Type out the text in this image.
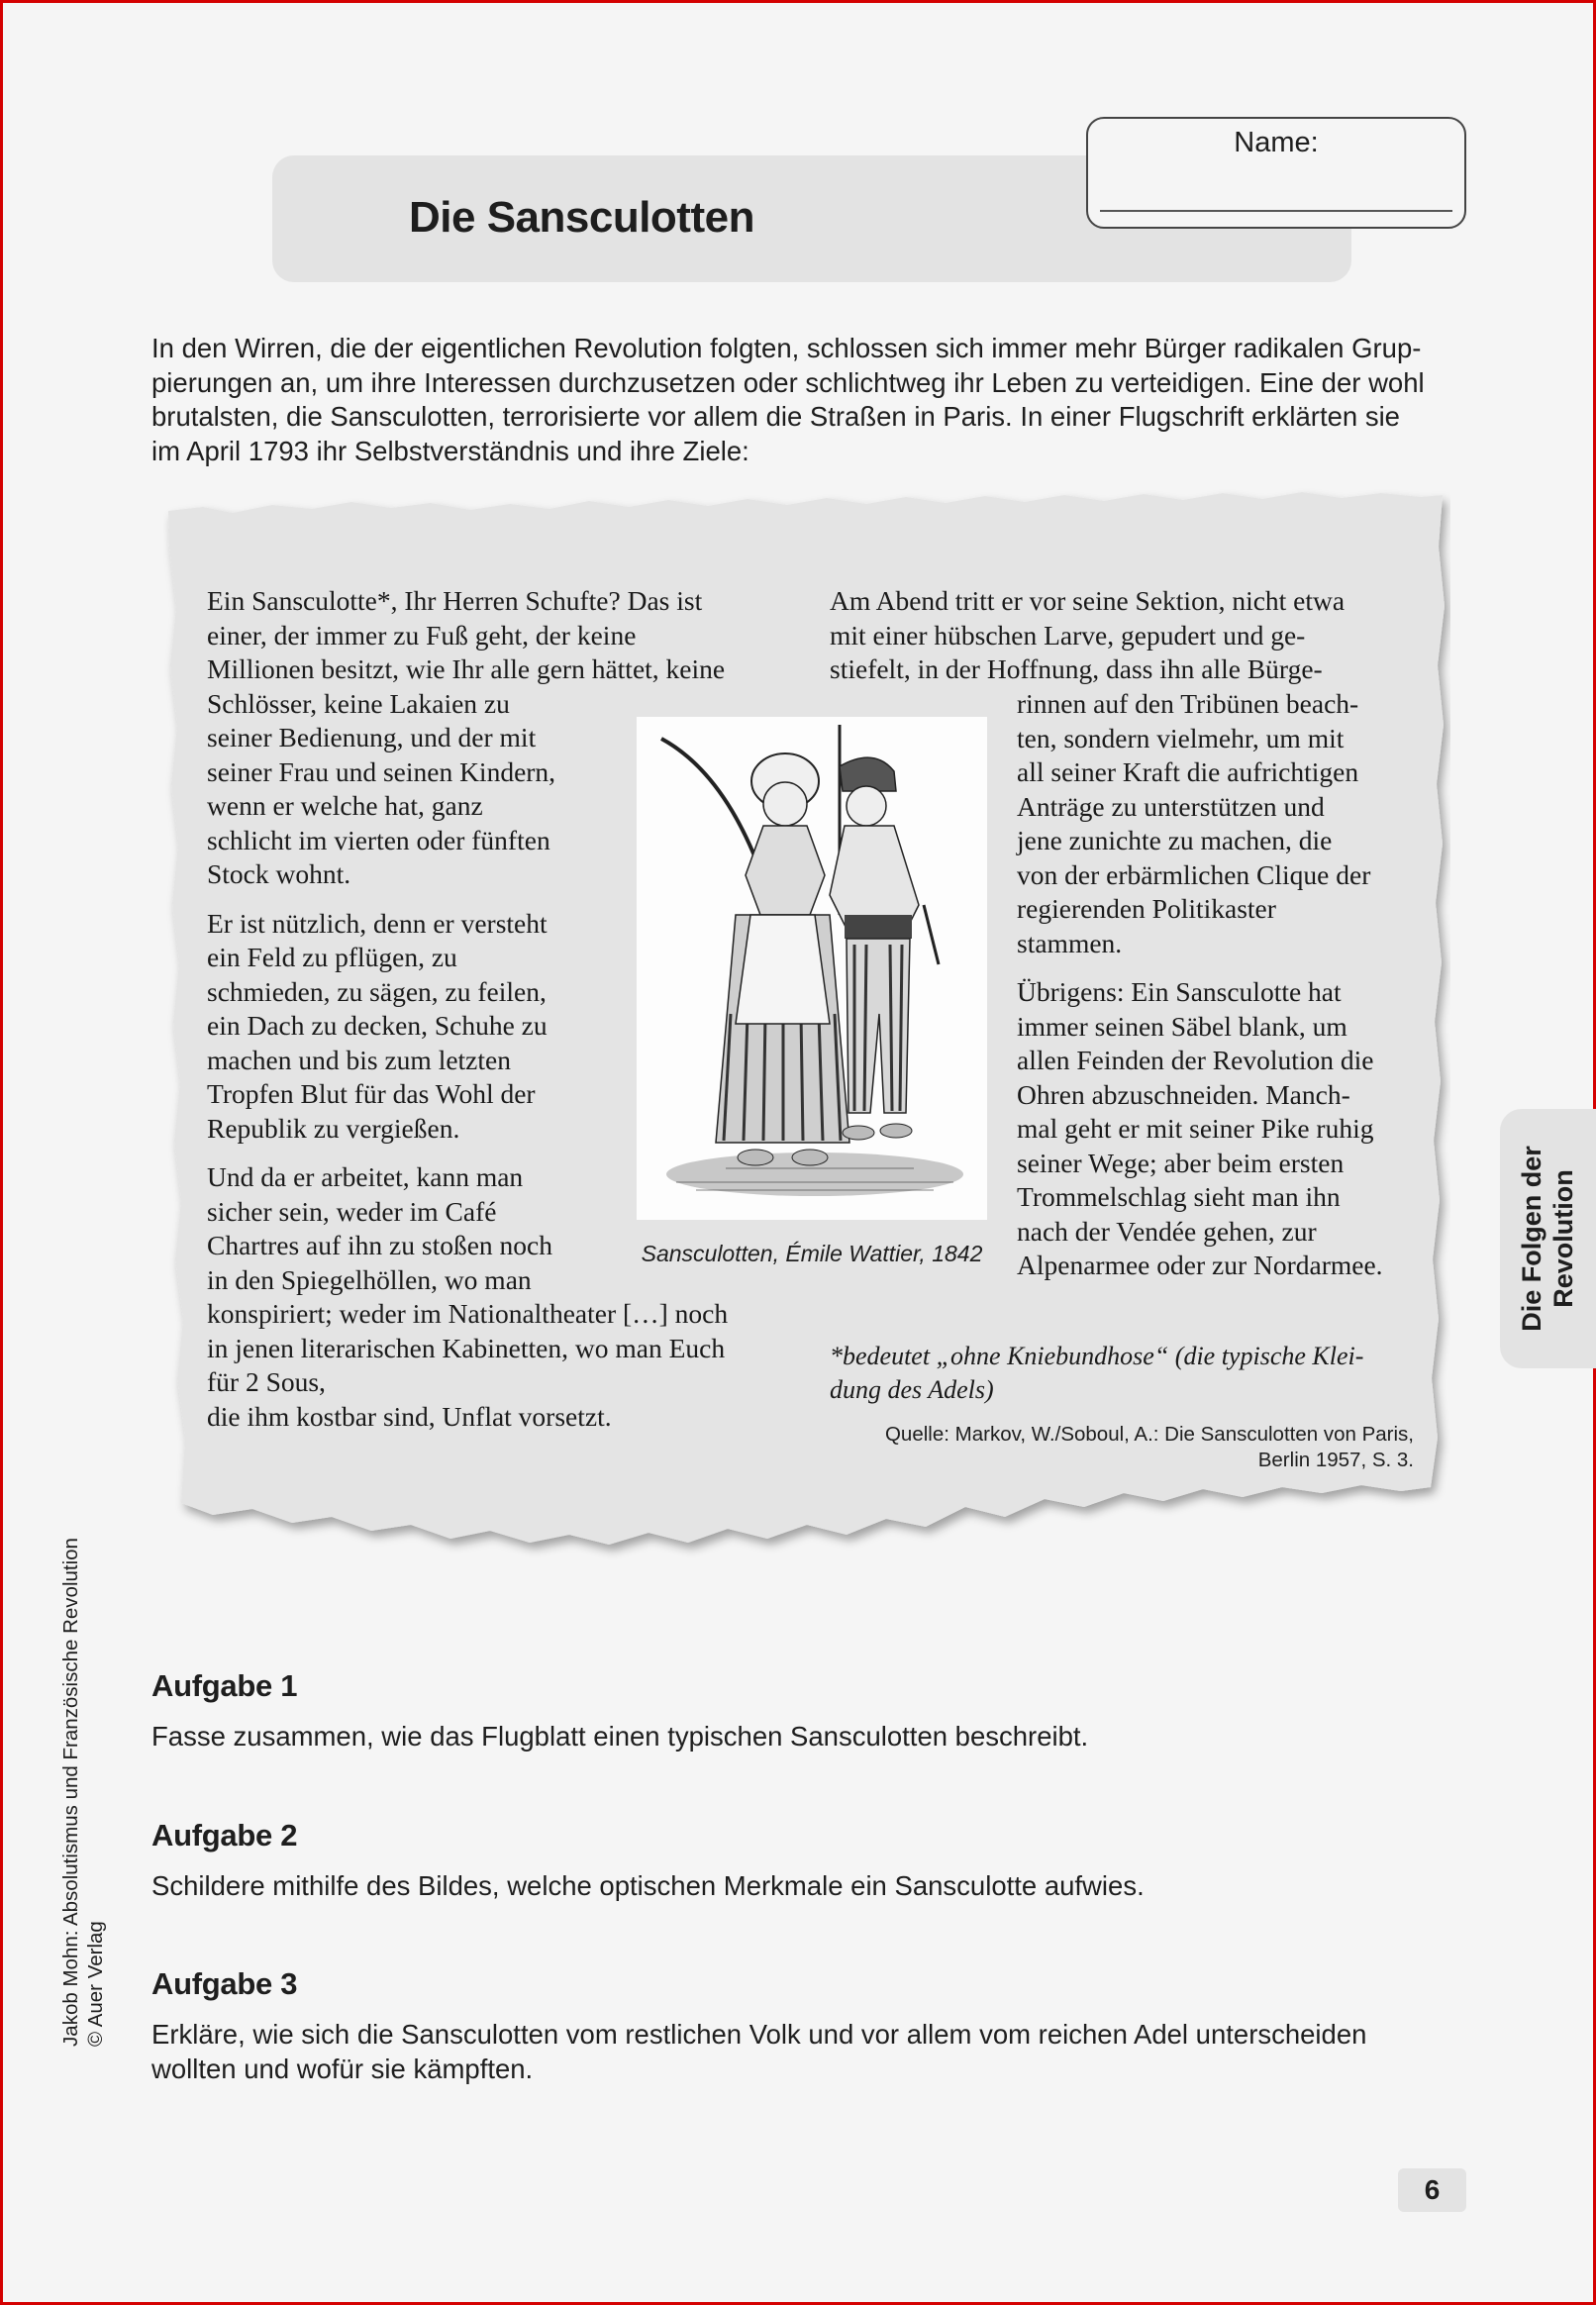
Die Sansculotten
Name:

In den Wirren, die der eigentlichen Revolution folgten, schlossen sich immer mehr Bürger radikalen Grup-

pierungen an, um ihre Interessen durchzusetzen oder schlichtweg ihr Leben zu verteidigen. Eine der wohl

brutalsten, die Sansculotten, terrorisierte vor allem die Straßen in Paris. In einer Flugschrift erklärten sie

im April 1793 ihr Selbstverständnis und ihre Ziele:

Ein Sansculotte*, Ihr Herren Schufte? Das ist
einer, der immer zu Fuß geht, der keine
Millionen besitzt, wie Ihr alle gern hättet, keine
Schlösser, keine Lakaien zu
seiner Bedienung, und der mit
seiner Frau und seinen Kindern,
wenn er welche hat, ganz
schlicht im vierten oder fünften
Stock wohnt.
Er ist nützlich, denn er versteht
ein Feld zu pflügen, zu
schmieden, zu sägen, zu feilen,
ein Dach zu decken, Schuhe zu
machen und bis zum letzten
Tropfen Blut für das Wohl der
Republik zu vergießen.
Und da er arbeitet, kann man
sicher sein, weder im Café
Chartres auf ihn zu stoßen noch
in den Spiegelhöllen, wo man
konspiriert; weder im Nationaltheater […] noch
in jenen literarischen Kabinetten, wo man Euch
für 2 Sous,
die ihm kostbar sind, Unflat vorsetzt.
Am Abend tritt er vor seine Sektion, nicht etwa
mit einer hübschen Larve, gepudert und ge-
stiefelt, in der Hoffnung, dass ihn alle Bürge-
rinnen auf den Tribünen beach-
ten, sondern vielmehr, um mit
all seiner Kraft die aufrichtigen
Anträge zu unterstützen und
jene zunichte zu machen, die
von der erbärmlichen Clique der
regierenden Politikaster
stammen.
Übrigens: Ein Sansculotte hat
immer seinen Säbel blank, um
allen Feinden der Revolution die
Ohren abzuschneiden. Manch-
mal geht er mit seiner Pike ruhig
seiner Wege; aber beim ersten
Trommelschlag sieht man ihn
nach der Vendée gehen, zur
Alpenarmee oder zur Nordarmee.
Sansculotten, Émile Wattier, 1842
*bedeutet „ohne Kniebundhose“ (die typische Klei-
dung des Adels)
Quelle: Markov, W./Soboul, A.: Die Sansculotten von Paris,
Berlin 1957, S. 3.
Aufgabe 1

Fasse zusammen, wie das Flugblatt einen typischen Sansculotten beschreibt.

Aufgabe 2

Schildere mithilfe des Bildes, welche optischen Merkmale ein Sansculotte aufwies.

Aufgabe 3

Erkläre, wie sich die Sansculotten vom restlichen Volk und vor allem vom reichen Adel unterscheiden

wollten und wofür sie kämpften.

Die Folgen der Revolution
Jakob Mohn: Absolutismus und Französische Revolution © Auer Verlag
6
